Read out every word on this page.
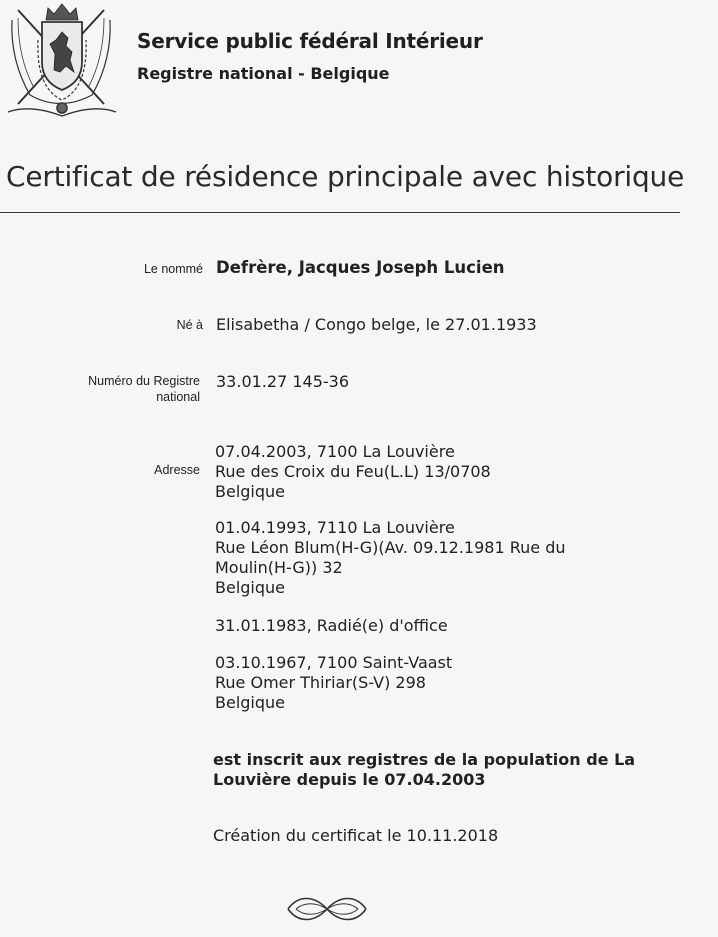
Service public fédéral Intérieur
Registre national - Belgique
Certificat de résidence principale avec historique
Le nommé Defrère, Jacques Joseph Lucien
Né à Elisabetha / Congo belge, le 27.01.1933
Numéro du Registre
national
33.01.27 145-36
Adresse
07.04.2003, 7100 La Louvière
Rue des Croix du Feu(L.L) 13/0708
Belgique
01.04.1993, 7110 La Louvière
Rue Léon Blum(H-G)(Av. 09.12.1981 Rue du
Moulin(H-G)) 32
Belgique
31.01.1983, Radié(e) d'office
03.10.1967, 7100 Saint-Vaast
Rue Omer Thiriar(S-V) 298
Belgique
est inscrit aux registres de la population de La
Louvière depuis le 07.04.2003
Création du certificat le 10.11.2018
